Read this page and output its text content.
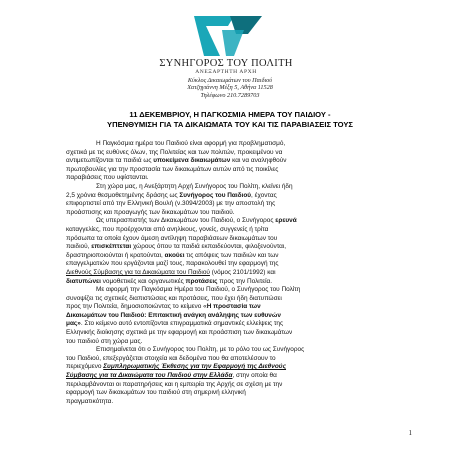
ΣΥΝΗΓΟΡΟΣ ΤΟΥ ΠΟΛΙΤΗ
ΑΝΕΞΑΡΤΗΤΗ ΑΡΧΗ
Κύκλος Δικαιωμάτων του Παιδιού
Χατζηγιάννη Μέξη 5, Αθήνα 11528
Τηλέφωνο 210.7289703
11 ΔΕΚΕΜΒΡΙΟΥ, Η ΠΑΓΚΟΣΜΙΑ ΗΜΕΡΑ ΤΟΥ ΠΑΙΔΙΟΥ -
ΥΠΕΝΘΥΜΙΣΗ ΓΙΑ ΤΑ ΔΙΚΑΙΩΜΑΤΑ ΤΟΥ ΚΑΙ ΤΙΣ ΠΑΡΑΒΙΑΣΕΙΣ ΤΟΥΣ
Η Παγκόσμια ημέρα του Παιδιού είναι αφορμή για προβληματισμό,
σχετικά με τις ευθύνες όλων, της Πολιτείας και των πολιτών, προκειμένου να
αντιμετωπίζονται τα παιδιά ως υποκείμενα δικαιωμάτων και να αναληφθούν
πρωτοβουλίες για την προστασία των δικαιωμάτων αυτών από τις ποικίλες
παραβιάσεις που υφίστανται.
Στη χώρα μας, η Ανεξάρτητη Αρχή Συνήγορος του Πολίτη, κλείνει ήδη
2,5 χρόνια θεσμοθετημένης δράσης ως Συνήγορος του Παιδιού, έχοντας
επιφορτιστεί από την Ελληνική Βουλή (ν.3094/2003) με την αποστολή της
προάσπισης και προαγωγής των δικαιωμάτων του παιδιού.
Ως υπερασπιστής των Δικαιωμάτων του Παιδιού, ο Συνήγορος ερευνά
καταγγελίες, που προέρχονται από ανηλίκους, γονείς, συγγενείς ή τρίτα
πρόσωπα τα οποία έχουν άμεση αντίληψη παραβιάσεων δικαιωμάτων του
παιδιού, επισκέπτεται χώρους όπου τα παιδιά εκπαιδεύονται, φιλοξενούνται,
δραστηριοποιούνται ή κρατούνται, ακούει τις απόψεις των παιδιών και των
επαγγελματιών που εργάζονται μαζί τους, παρακολουθεί την εφαρμογή της
Διεθνούς Σύμβασης για τα Δικαιώματα του Παιδιού (νόμος 2101/1992) και
διατυπώνει νομοθετικές και οργανωτικές προτάσεις προς την Πολιτεία.
Με αφορμή την Παγκόσμια Ημέρα του Παιδιού, ο Συνήγορος του Πολίτη
συνοψίζει τις σχετικές διαπιστώσεις και προτάσεις, που έχει ήδη διατυπώσει
προς την Πολιτεία, δημοσιοποιώντας το κείμενο «Η προστασία των
Δικαιωμάτων του Παιδιού: Επιτακτική ανάγκη ανάληψης των ευθυνών
μας». Στο κείμενο αυτό εντοπίζονται επιγραμματικά σημαντικές ελλείψεις της
Ελληνικής διοίκησης σχετικά με την εφαρμογή και προάσπιση των δικαιωμάτων
του παιδιού στη χώρα μας.
Επισημαίνεται ότι ο Συνήγορος του Πολίτη, με το ρόλο του ως Συνήγορος
του Παιδιού, επεξεργάζεται στοιχεία και δεδομένα που θα αποτελέσουν το
περιεχόμενο Συμπληρωματικής Έκθεσης για την Εφαρμογή της Διεθνούς
Σύμβασης για τα Δικαιώματα του Παιδιού στην Ελλάδα, στην οποία θα
περιλαμβάνονται οι παρατηρήσεις και η εμπειρία της Αρχής σε σχέση με την
εφαρμογή των δικαιωμάτων του παιδιού στη σημερινή ελληνική
πραγματικότητα.
1
